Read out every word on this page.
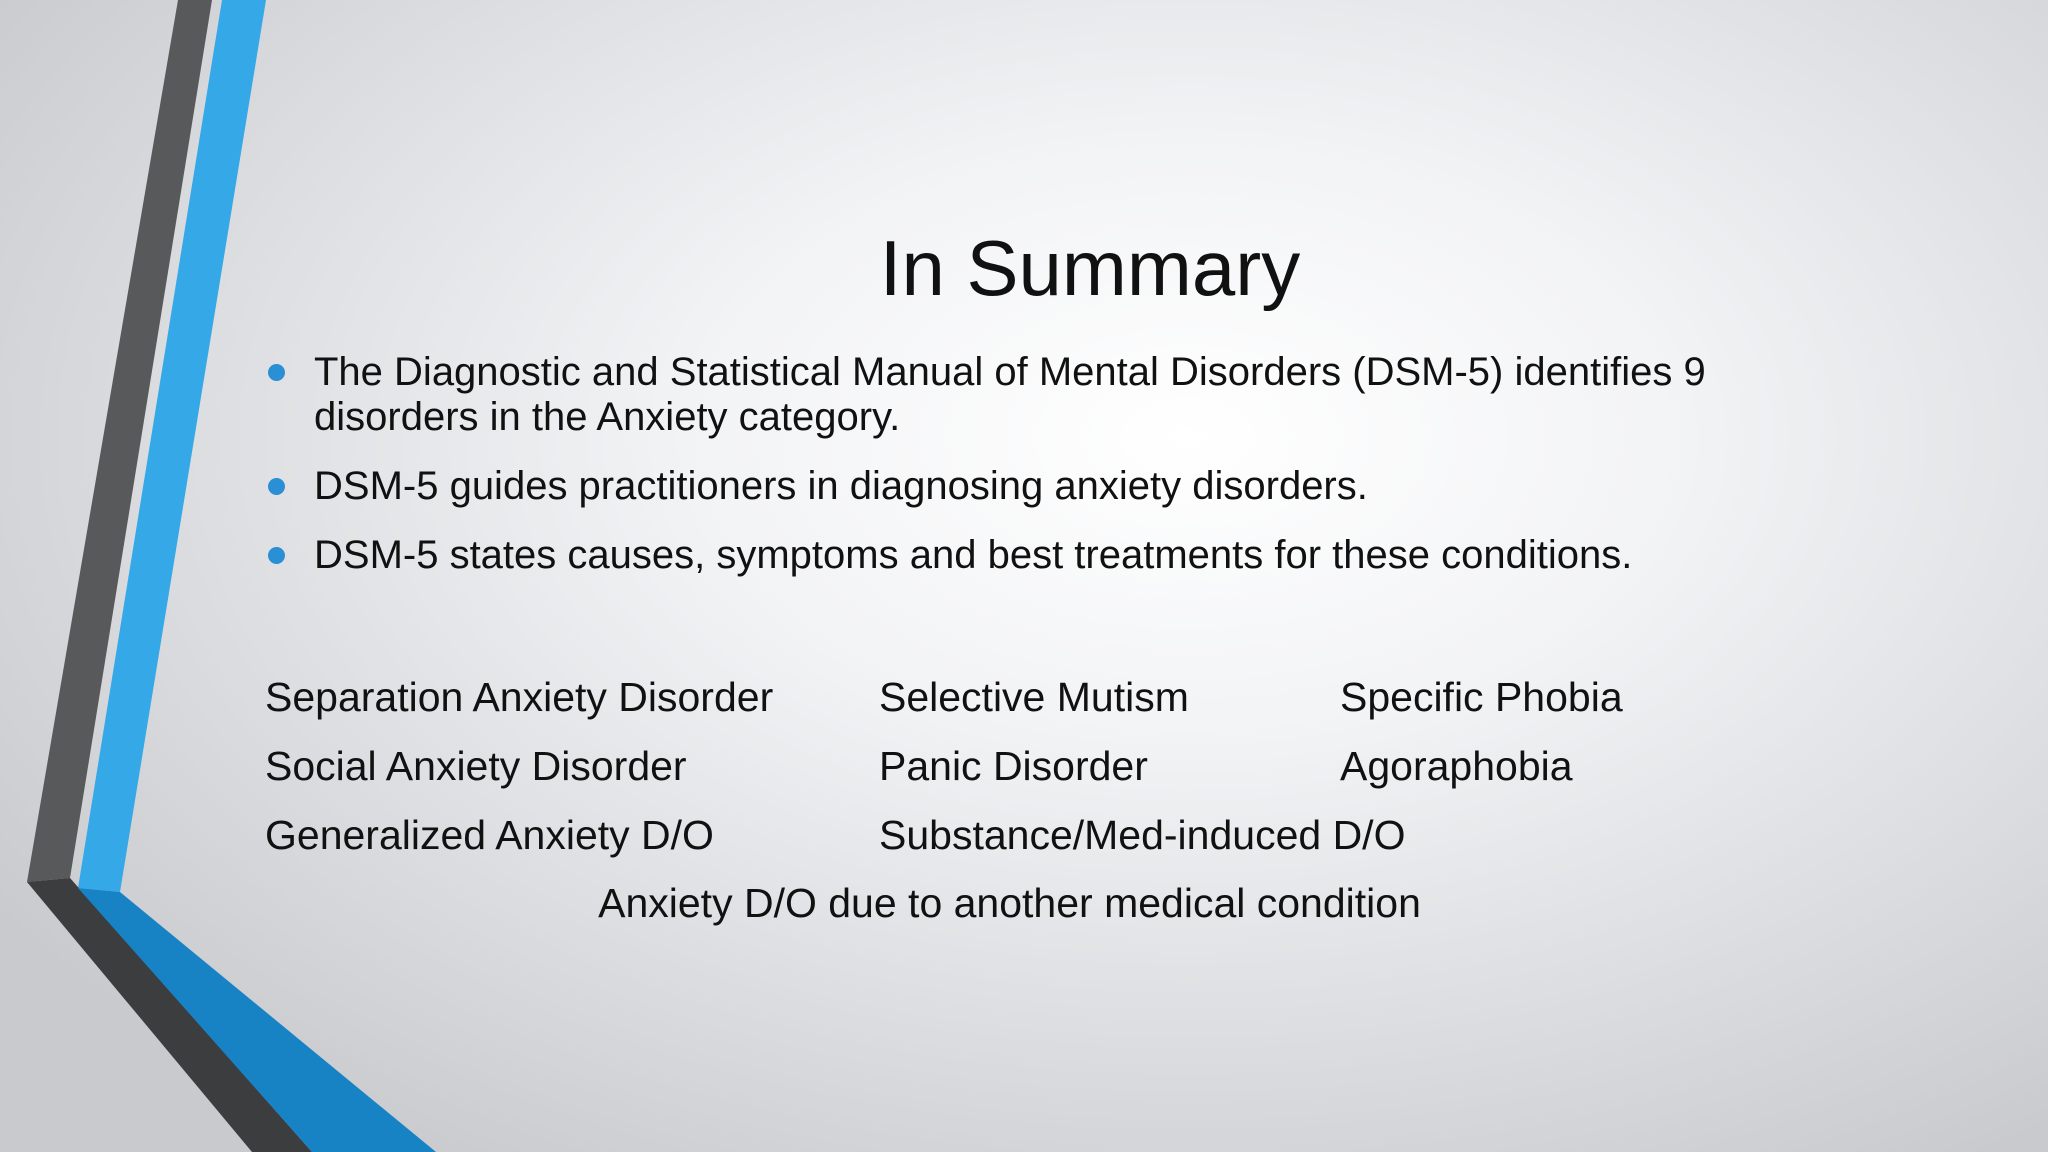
In Summary
The Diagnostic and Statistical Manual of Mental Disorders (DSM-5) identifies 9 disorders in the Anxiety category.
DSM-5 guides practitioners in diagnosing anxiety disorders.
DSM-5 states causes, symptoms and best treatments for these conditions.
Separation Anxiety Disorder	Selective Mutism	Specific Phobia
Social Anxiety Disorder	Panic Disorder	Agoraphobia
Generalized Anxiety D/O	Substance/Med-induced D/O
Anxiety D/O due to another medical condition
